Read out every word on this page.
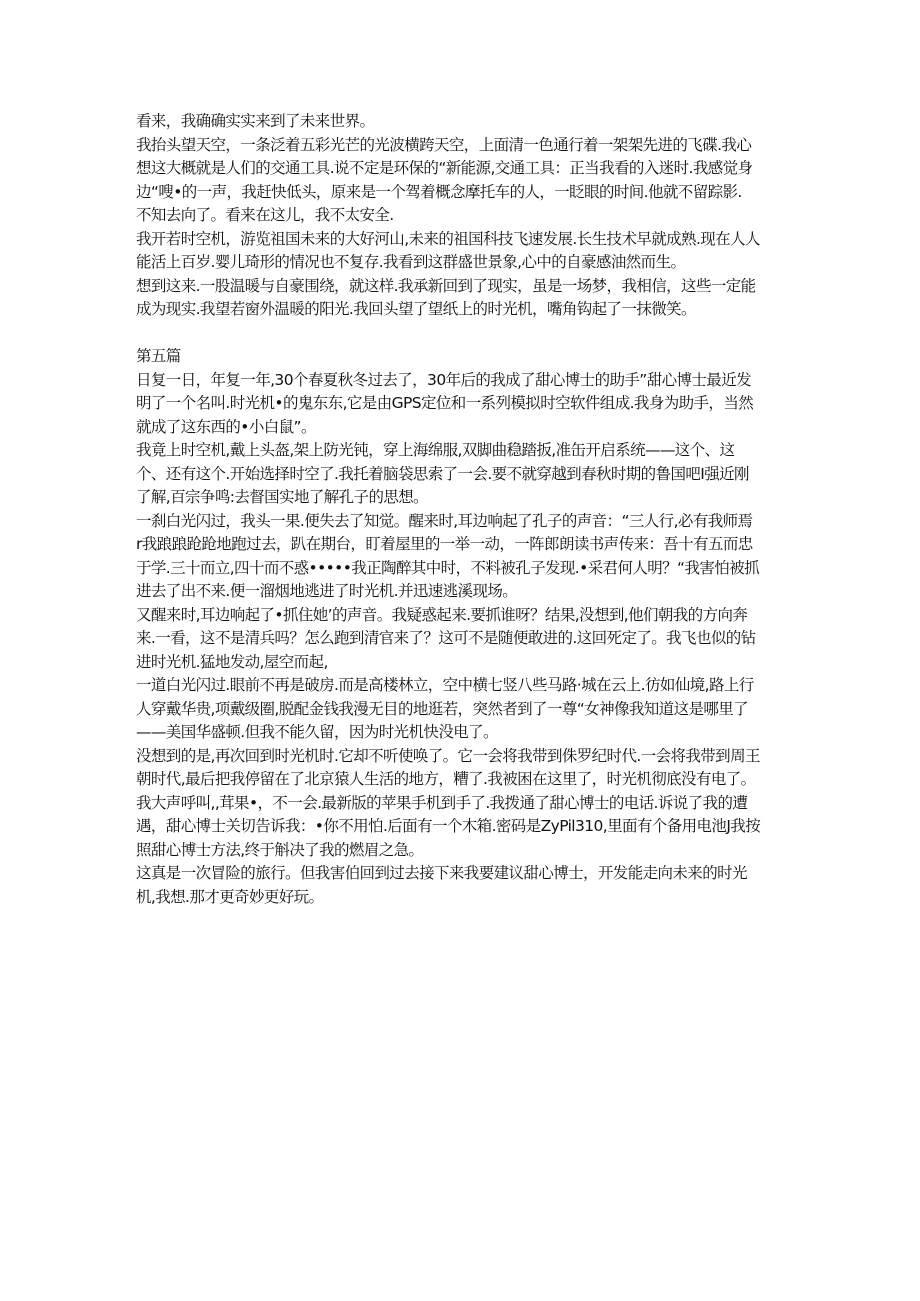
看来，我确确实实来到了未来世界。
我抬头望天空，一条泛着五彩光芒的光波横跨天空，上面清一色通行着一架架先进的飞碟.我心
想这大概就是人们的交通工具.说不定是环保的“新能源,交通工具：正当我看的入迷时.我感觉身
边“嗖•的一声，我赶快低头，原来是一个驾着概念摩托车的人，一眨眼的时间.他就不留踪影.
不知去向了。看来在这儿，我不太安全.
我开若时空机，游览祖国未来的大好河山,未来的祖国科技飞速发展.长生技术早就成熟.现在人人
能活上百岁.婴儿琦形的情况也不复存.我看到这群盛世景象,心中的自豪感油然而生。
想到这来.一股温暖与自豪围绕，就这样.我承新回到了现实，虽是一场梦，我相信，这些一定能
成为现实.我望若窗外温暖的阳光.我回头望了望纸上的时光机，嘴角钩起了一抹微笑。
第五篇
日复一日，年复一年,30个春夏秋冬过去了，30年后的我成了甜心博士的助手”甜心博士最近发
明了一个名叫.时光机•的鬼东东,它是由GPS定位和一系列模拟时空软件组成.我身为助手，当然
就成了这东西的•小白鼠”。
我竟上时空机,戴上头盔,架上防光钝，穿上海绵服,双脚曲稳踏扳,准缶开启系统——这个、这
个、还有这个.开始选择时空了.我托着脑袋思索了一会.要不就穿越到春秋时期的鲁国吧I强近刚
了解,百宗争鸣:去督国实地了解孔子的思想。
一刹白光闪过，我头一果.便失去了知觉。醒来时,耳边响起了孔子的声音：“三人行,必有我师焉
r我踉踉跄跄地跑过去，趴在期台，盯着屋里的一举一动，一阵郎朗读书声传来：吾十有五而忠
于学.三十而立,四十而不惑•••••我正陶醉其中时，不料被孔子发现.•采君何人明？“我害怕被抓
进去了出不来.便一溜烟地逃进了时光机.并迅速逃溪现场。
又醒来时,耳边响起了•抓住她’的声音。我疑惑起来.要抓谁呀？结果,没想到,他们朝我的方向奔
来.一看，这不是清兵吗？怎么跑到清官来了？这可不是随便敢进的.这回死定了。我飞也似的钻
进时光机.猛地发动,屋空而起,
一道白光闪过.眼前不再是破房.而是高楼林立，空中横七竖八些马路·城在云上.彷如仙境,路上行
人穿戴华贵,项戴级圈,脱配金钱我漫无目的地逛若，突然者到了一尊“女神像我知道这是哪里了
——美国华盛顿.但我不能久留，因为时光机快没电了。
没想到的是,再次回到时光机时.它却不听使唤了。它一会将我带到侏罗纪时代.一会将我带到周王
朝时代,最后把我停留在了北京猿人生活的地方，糟了.我被困在这里了，时光机彻底没有电了。
我大声呼叫,,茸果•，不一会.最新版的苹果手机到手了.我拨通了甜心博士的电话.诉说了我的遭
遇，甜心博士关切告诉我：•你不用怕.后面有一个木箱.密码是ZyPil310,里面有个备用电池J我按
照甜心博士方法,终于斛决了我的燃眉之急。
这真是一次冒险的旅行。但我害伯回到过去接下来我要建议甜心博士，开发能走向未来的时光
机,我想.那才更奇妙更好玩。
